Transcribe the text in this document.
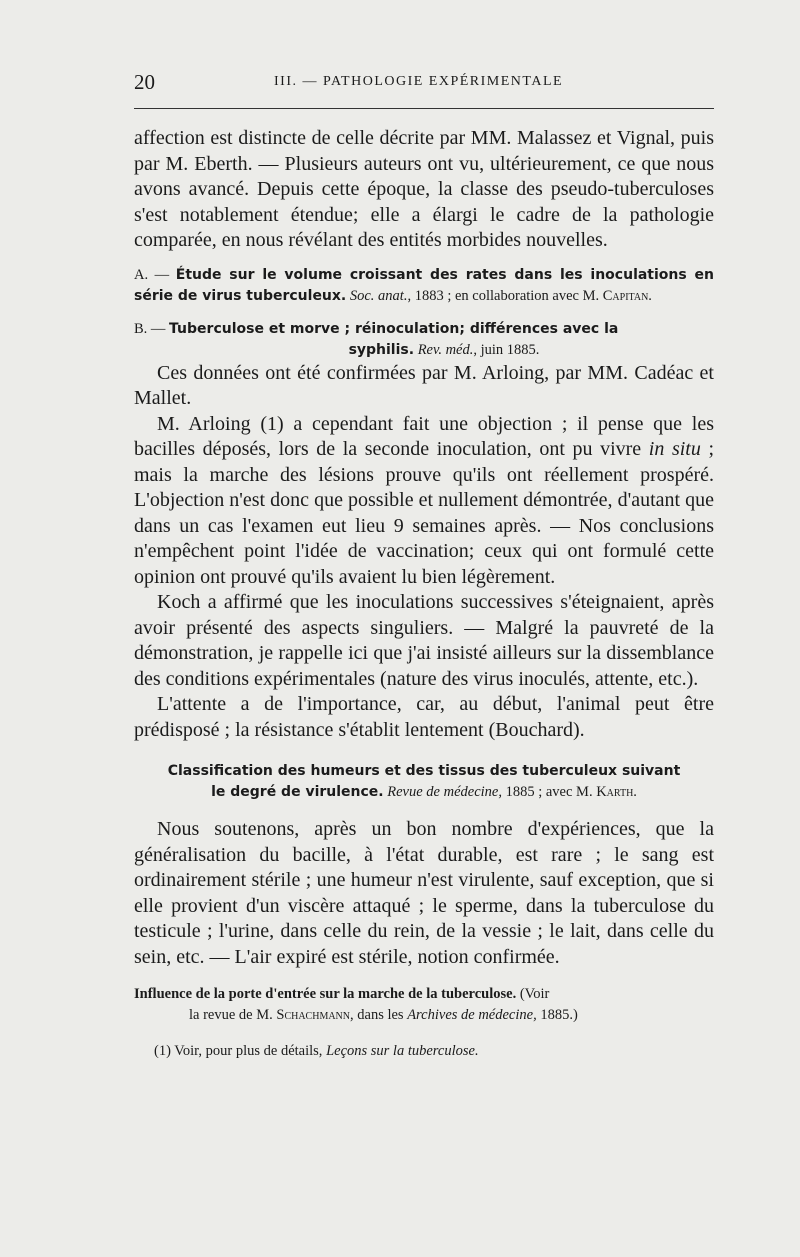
20	III. — PATHOLOGIE EXPÉRIMENTALE

affection est distincte de celle décrite par MM. Malassez et Vignal, puis par M. Eberth. — Plusieurs auteurs ont vu, ultérieurement, ce que nous avons avancé. Depuis cette époque, la classe des pseudo-tuberculoses s'est notablement étendue; elle a élargi le cadre de la pathologie comparée, en nous révélant des entités morbides nouvelles.

A. — Étude sur le volume croissant des rates dans les inoculations en série de virus tuberculeux. Soc. anat., 1883 ; en collaboration avec M. Capitan.

B. — Tuberculose et morve ; réinoculation; différences avec la
syphilis. Rev. méd., juin 1885.

Ces données ont été confirmées par M. Arloing, par MM. Cadéac et Mallet.

M. Arloing (1) a cependant fait une objection ; il pense que les bacilles déposés, lors de la seconde inoculation, ont pu vivre in situ ; mais la marche des lésions prouve qu'ils ont réellement prospéré. L'objection n'est donc que possible et nullement démontrée, d'autant que dans un cas l'examen eut lieu 9 semaines après. — Nos conclusions n'empêchent point l'idée de vaccination; ceux qui ont formulé cette opinion ont prouvé qu'ils avaient lu bien légèrement.

Koch a affirmé que les inoculations successives s'éteignaient, après avoir présenté des aspects singuliers. — Malgré la pauvreté de la démonstration, je rappelle ici que j'ai insisté ailleurs sur la dissemblance des conditions expérimentales (nature des virus inoculés, attente, etc.).

L'attente a de l'importance, car, au début, l'animal peut être prédisposé ; la résistance s'établit lentement (Bouchard).

Classification des humeurs et des tissus des tuberculeux suivant
le degré de virulence. Revue de médecine, 1885 ; avec M. Karth.

Nous soutenons, après un bon nombre d'expériences, que la généralisation du bacille, à l'état durable, est rare ; le sang est ordinairement stérile ; une humeur n'est virulente, sauf exception, que si elle provient d'un viscère attaqué ; le sperme, dans la tuberculose du testicule ; l'urine, dans celle du rein, de la vessie ; le lait, dans celle du sein, etc. — L'air expiré est stérile, notion confirmée.

Influence de la porte d'entrée sur la marche de la tuberculose. (Voir
la revue de M. Schachmann, dans les Archives de médecine, 1885.)

(1) Voir, pour plus de détails, Leçons sur la tuberculose.
